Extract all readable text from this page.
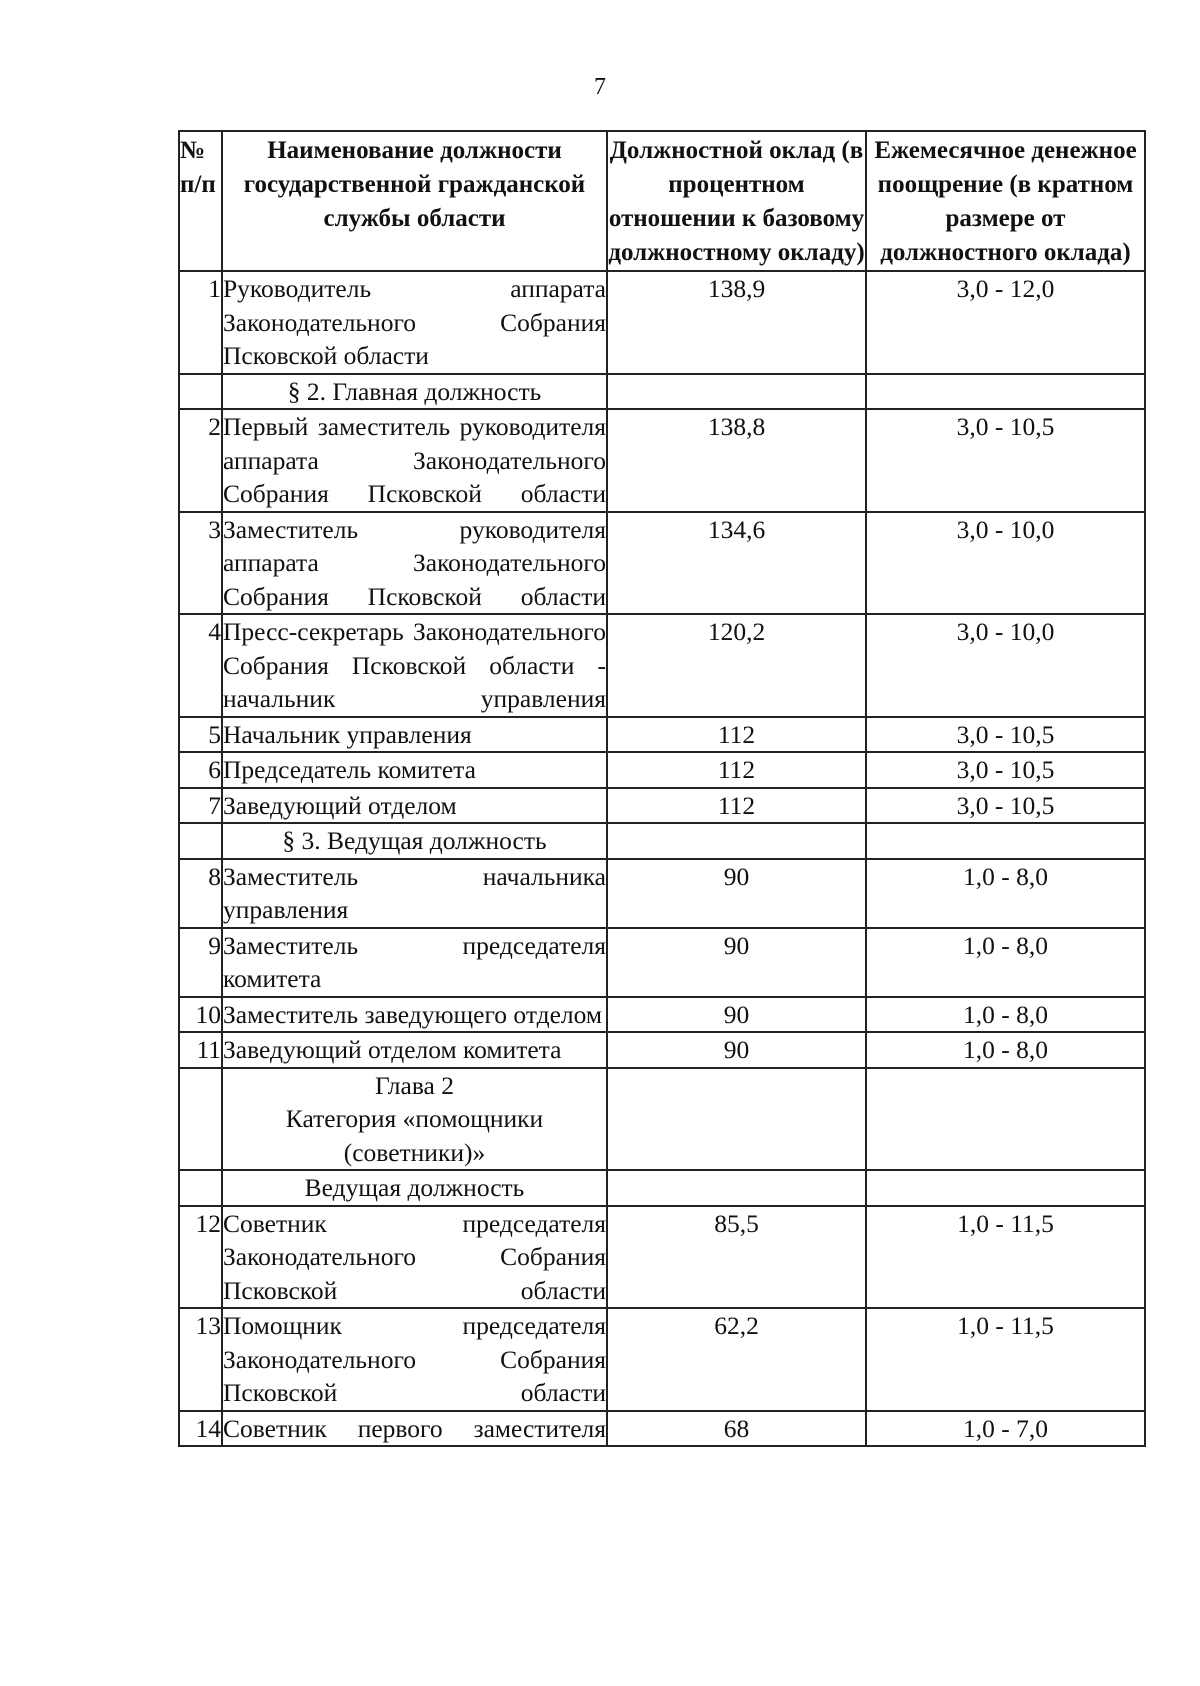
7
№ п/п	Наименование должности государственной гражданской службы области	Должностной оклад (в процентном отношении к базовому должностному окладу)	Ежемесячное денежное поощрение (в кратном размере от должностного оклада)
1	Руководитель аппарата Законодательного Собрания Псковской области	138,9	3,0 - 12,0
	§ 2. Главная должность		
2	Первый заместитель руководителя аппарата Законодательного Собрания Псковской области	138,8	3,0 - 10,5
3	Заместитель руководителя аппарата Законодательного Собрания Псковской области	134,6	3,0 - 10,0
4	Пресс-секретарь Законодательного Собрания Псковской области - начальник управления	120,2	3,0 - 10,0
5	Начальник управления	112	3,0 - 10,5
6	Председатель комитета	112	3,0 - 10,5
7	Заведующий отделом	112	3,0 - 10,5
	§ 3. Ведущая должность		
8	Заместитель начальника управления	90	1,0 - 8,0
9	Заместитель председателя комитета	90	1,0 - 8,0
10	Заместитель заведующего отделом	90	1,0 - 8,0
11	Заведующий отделом комитета	90	1,0 - 8,0

	Глава 2
Категория «помощники (советники)»		

	Ведущая должность		
12	Советник председателя Законодательного Собрания Псковской области	85,5	1,0 - 11,5
13	Помощник председателя Законодательного Собрания Псковской области	62,2	1,0 - 11,5
14	Советник первого заместителя	68	1,0 - 7,0
